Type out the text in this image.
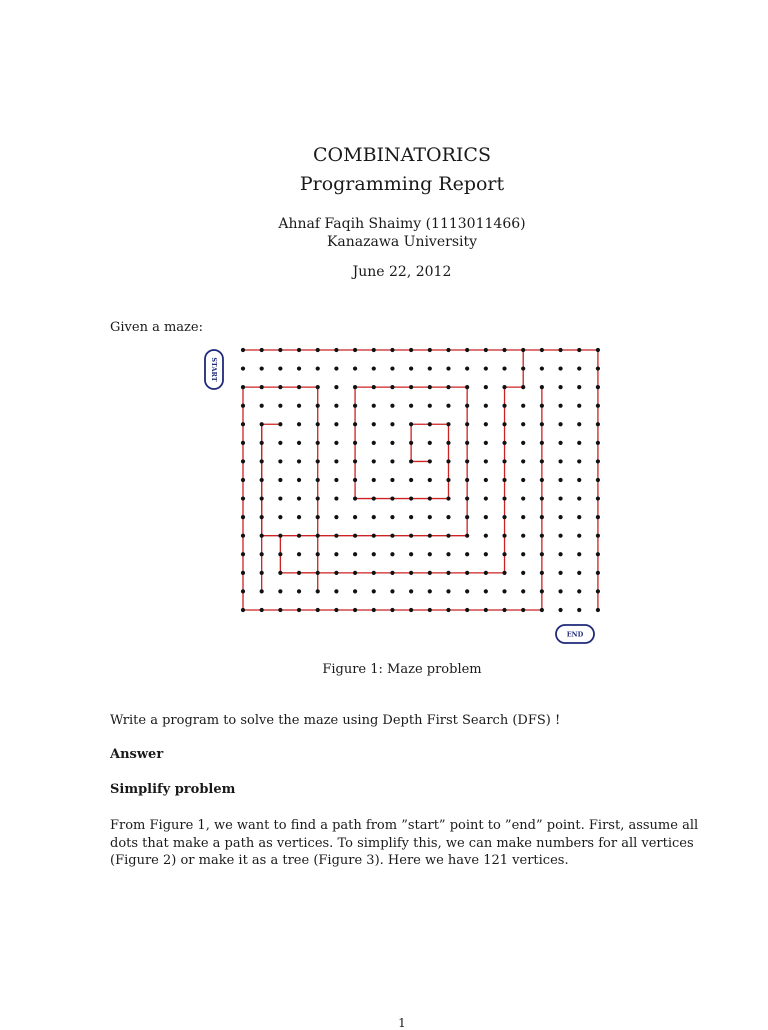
COMBINATORICS
Programming Report
Ahnaf Faqih Shaimy (1113011466)
Kanazawa University
June 22, 2012
Given a maze:
START
END
Figure 1: Maze problem
Write a program to solve the maze using Depth First Search (DFS) !
Answer
Simplify problem
From Figure 1, we want to find a path from ”start” point to ”end” point. First, assume all dots that make a path as vertices. To simplify this, we can make numbers for all vertices (Figure 2) or make it as a tree (Figure 3). Here we have 121 vertices.
1
